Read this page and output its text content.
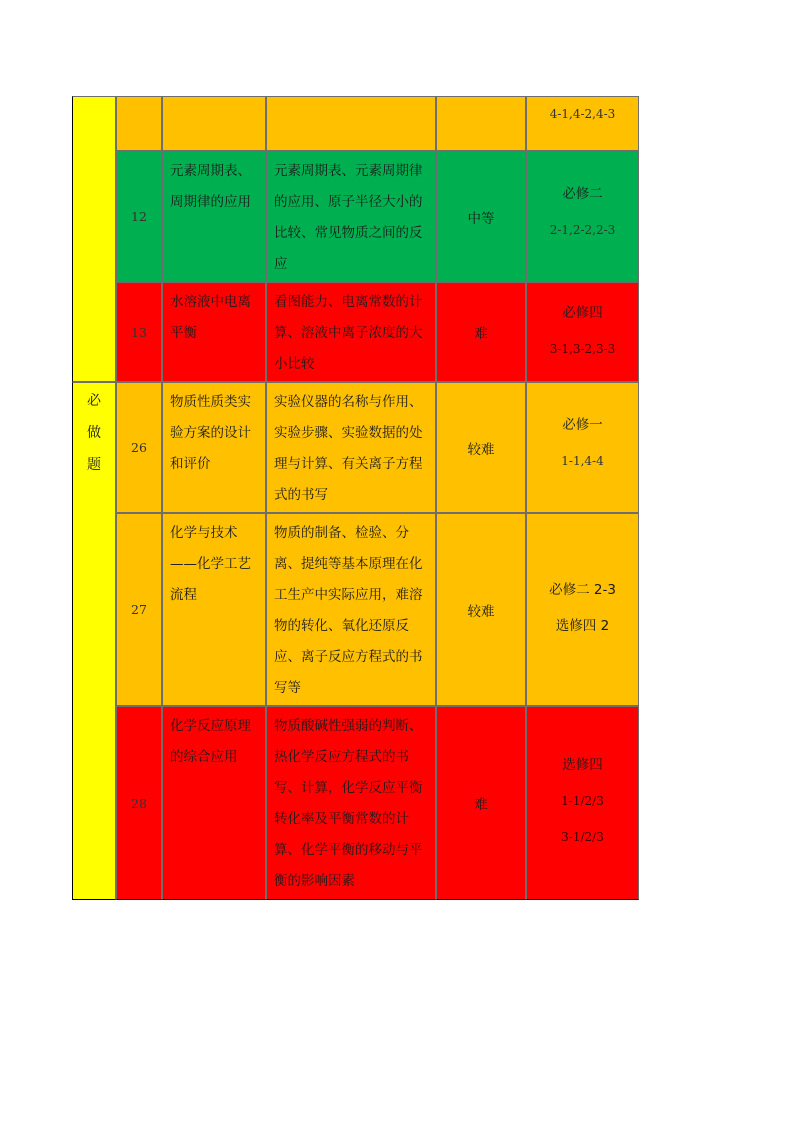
必
做
题
4-1,4-2,4-3
12
元素周期表、周期律的应用
元素周期表、元素周期律的应用、原子半径大小的比较、常见物质之间的反应
中等
必修二
2-1,2-2,2-3
13
水溶液中电离平衡
看图能力、电离常数的计算、溶液中离子浓度的大小比较
难
必修四
3-1,3-2,3-3
26
物质性质类实验方案的设计和评价
实验仪器的名称与作用、实验步骤、实验数据的处理与计算、有关离子方程式的书写
较难
必修一
1-1,4-4
27
化学与技术——化学工艺流程
物质的制备、检验、分离、提纯等基本原理在化工生产中实际应用，难溶物的转化、氧化还原反应、离子反应方程式的书写等
较难
必修二 2-3
选修四 2
28
化学反应原理的综合应用
物质酸碱性强弱的判断、热化学反应方程式的书写、计算，化学反应平衡转化率及平衡常数的计算、化学平衡的移动与平衡的影响因素
难
选修四
1-1/2/3
3-1/2/3
